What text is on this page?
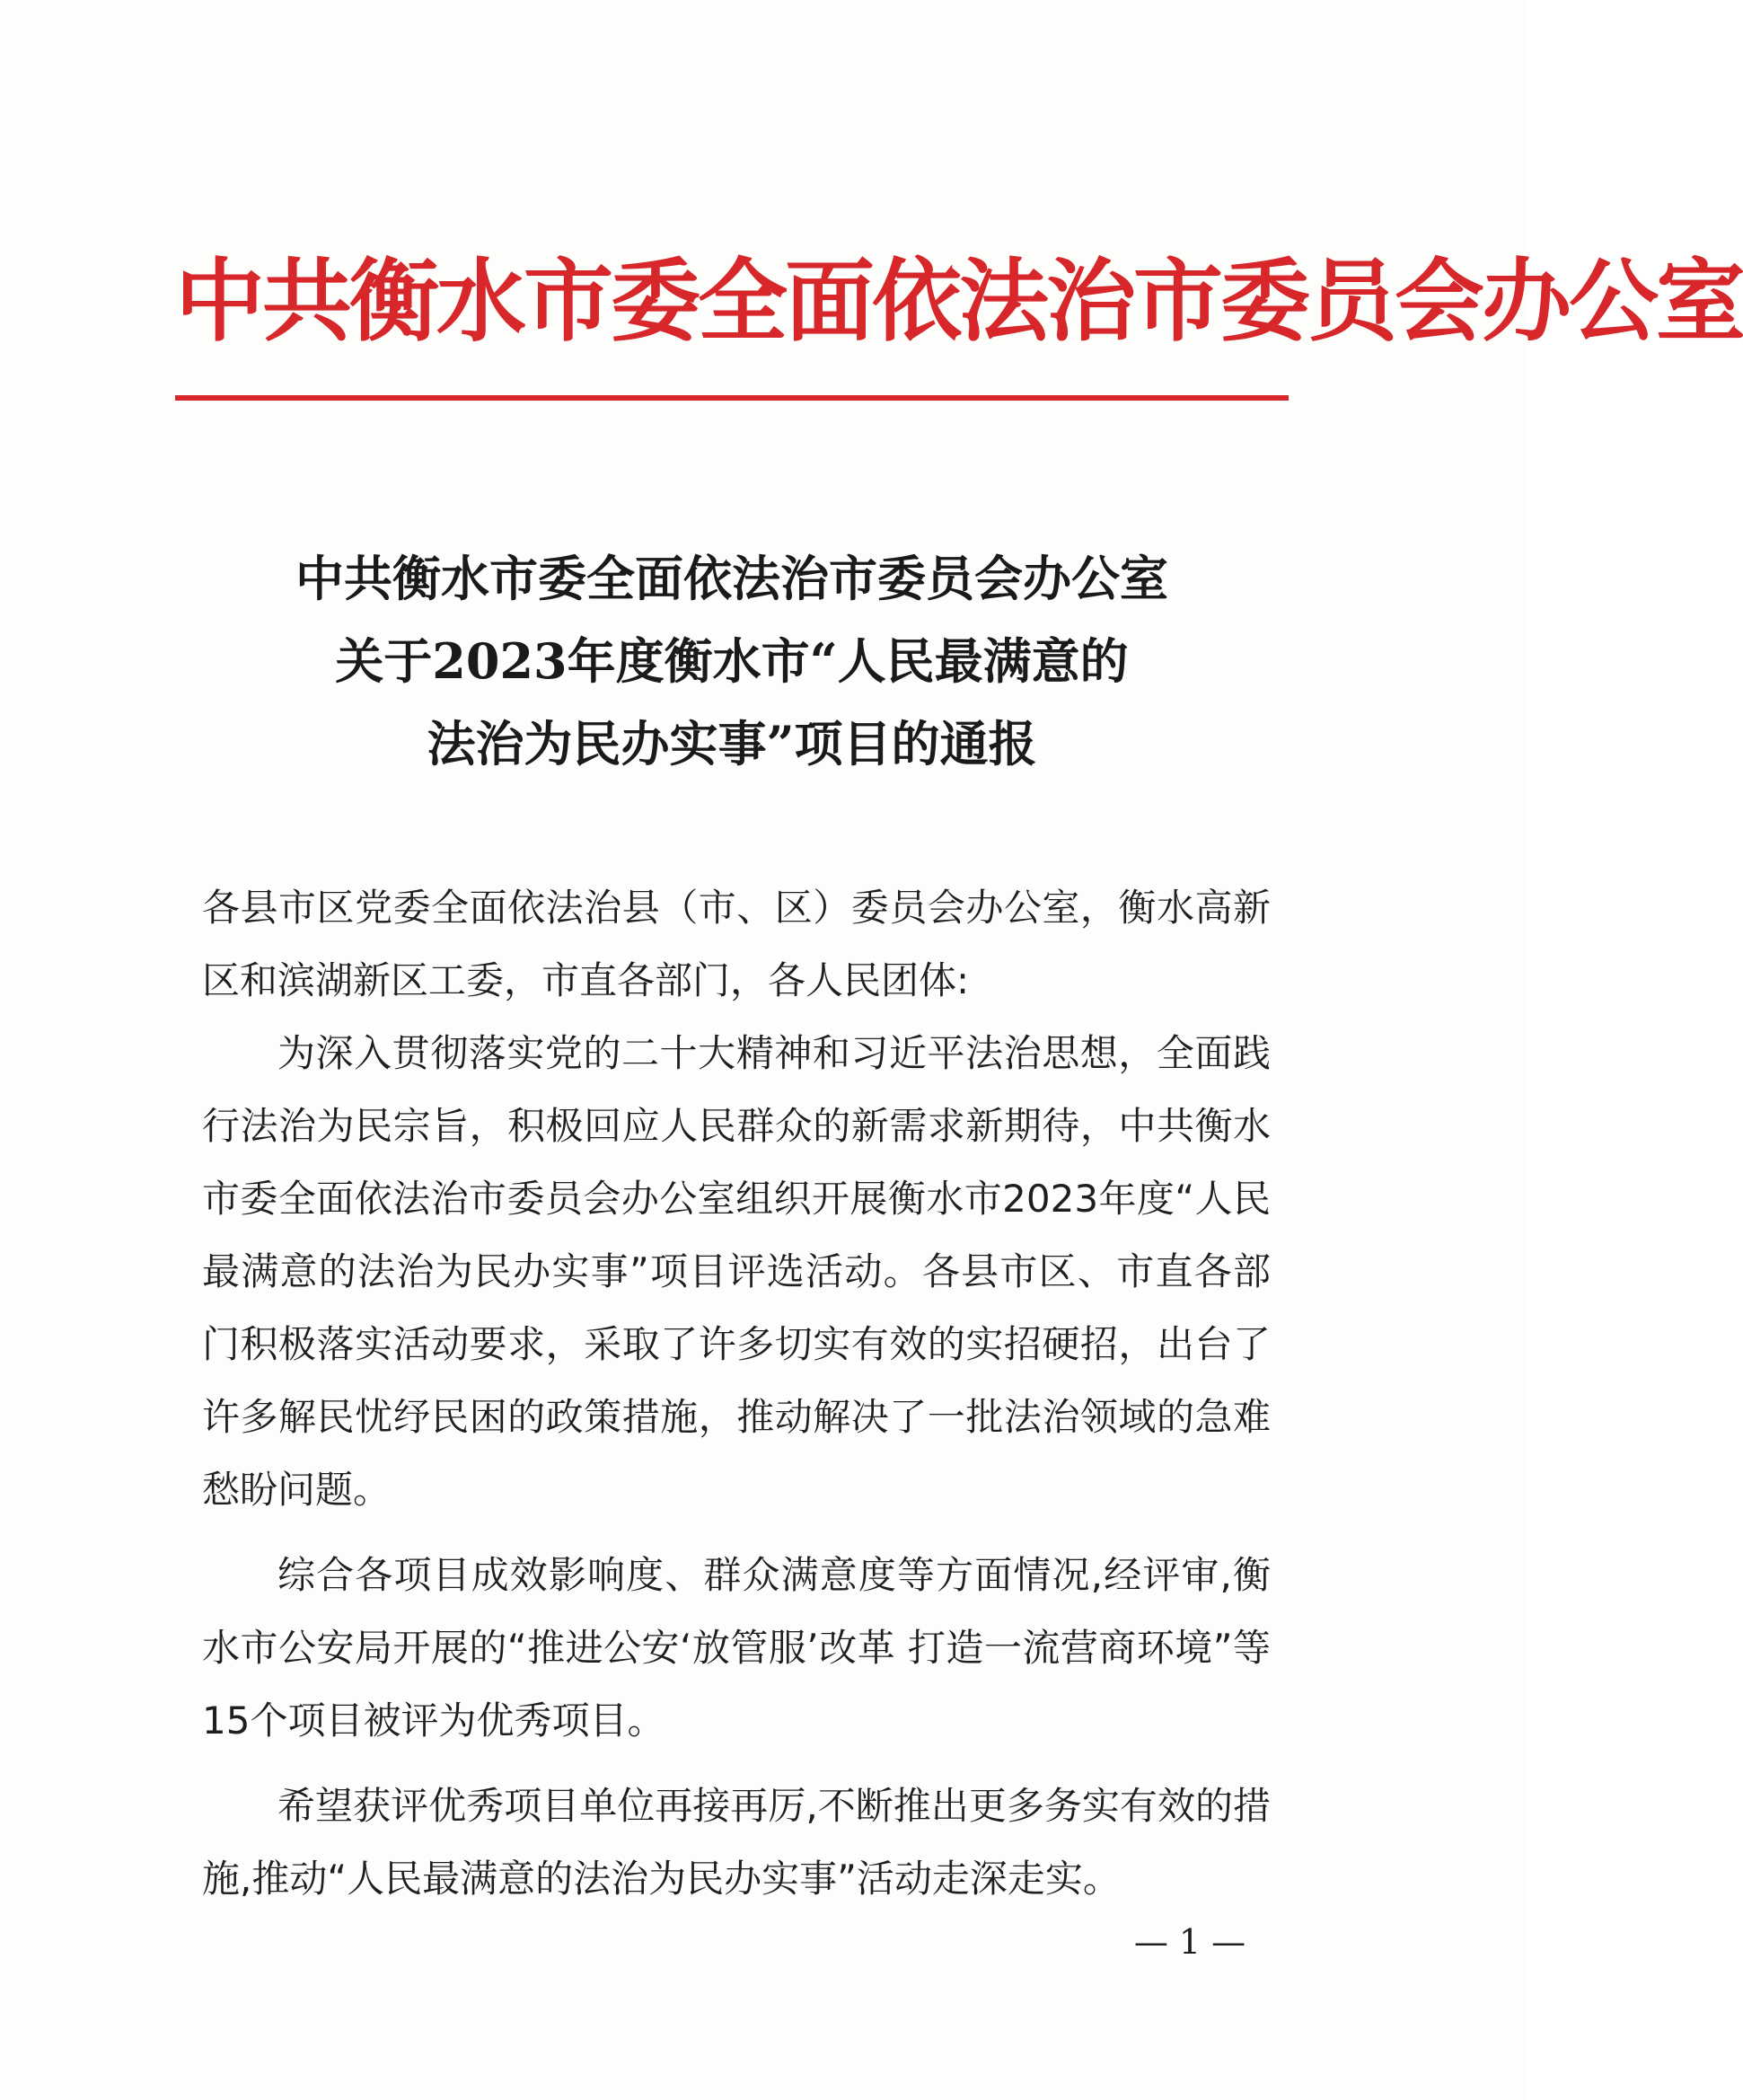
中共衡水市委全面依法治市委员会办公室
中共衡水市委全面依法治市委员会办公室
关于2023年度衡水市“人民最满意的
法治为民办实事”项目的通报

各县市区党委全面依法治县（市、区）委员会办公室，衡水高新区和滨湖新区工委，市直各部门，各人民团体:

为深入贯彻落实党的二十大精神和习近平法治思想，全面践行法治为民宗旨，积极回应人民群众的新需求新期待，中共衡水市委全面依法治市委员会办公室组织开展衡水市2023年度“人民最满意的法治为民办实事”项目评选活动。各县市区、市直各部门积极落实活动要求，采取了许多切实有效的实招硬招，出台了许多解民忧纾民困的政策措施，推动解决了一批法治领域的急难愁盼问题。

综合各项目成效影响度、群众满意度等方面情况,经评审,衡水市公安局开展的“推进公安‘放管服’改革 打造一流营商环境”等15个项目被评为优秀项目。

希望获评优秀项目单位再接再厉,不断推出更多务实有效的措施,推动“人民最满意的法治为民办实事”活动走深走实。

— 1 —
